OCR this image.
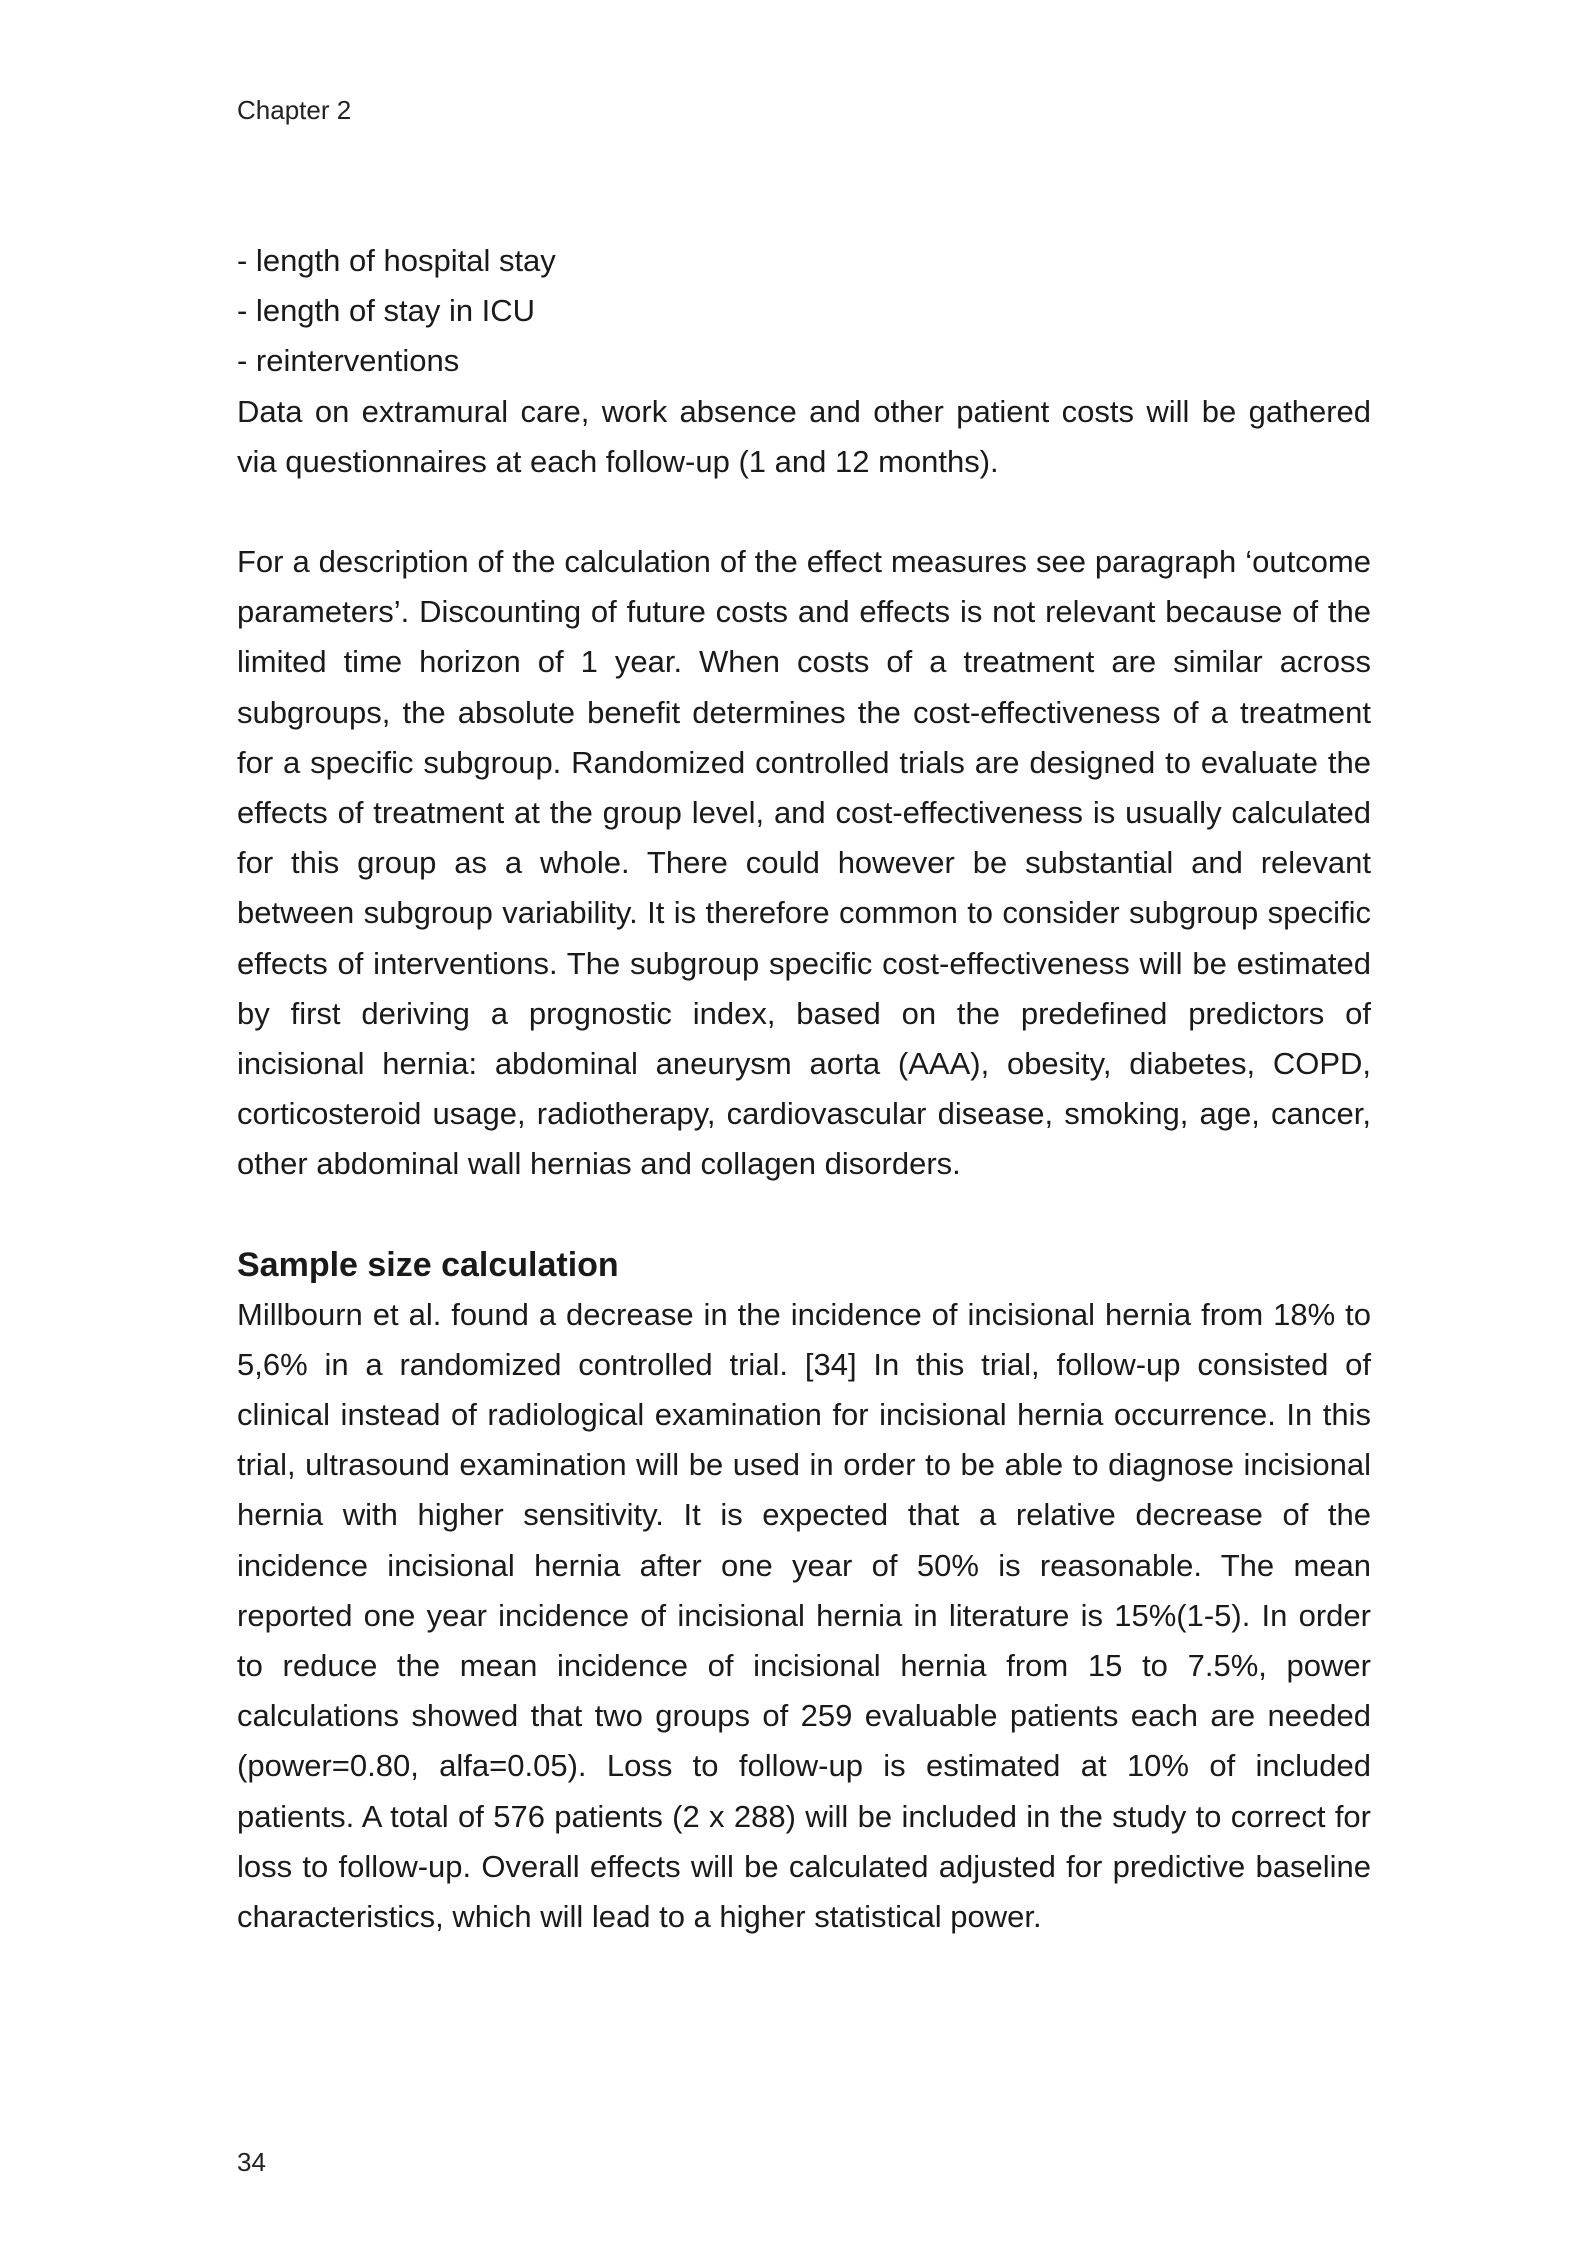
Chapter 2

- length of hospital stay

- length of stay in ICU

- reinterventions

Data on extramural care, work absence and other patient costs will be gathered via questionnaires at each follow-up (1 and 12 months).

For a description of the calculation of the effect measures see paragraph ‘outcome parameters’. Discounting of future costs and effects is not relevant because of the limited time horizon of 1 year. When costs of a treatment are similar across subgroups, the absolute benefit determines the cost-effectiveness of a treatment for a specific subgroup. Randomized controlled trials are designed to evaluate the effects of treatment at the group level, and cost-effectiveness is usually calculated for this group as a whole. There could however be substantial and relevant between subgroup variability. It is therefore common to consider subgroup specific effects of interventions. The subgroup specific cost-effectiveness will be estimated by first deriving a prognostic index, based on the predefined predictors of incisional hernia: abdominal aneurysm aorta (AAA), obesity, diabetes, COPD, corticosteroid usage, radiotherapy, cardiovascular disease, smoking, age, cancer, other abdominal wall hernias and collagen disorders.

Sample size calculation

Millbourn et al. found a decrease in the incidence of incisional hernia from 18% to 5,6% in a randomized controlled trial. [34] In this trial, follow-up consisted of clinical instead of radiological examination for incisional hernia occurrence. In this trial, ultrasound examination will be used in order to be able to diagnose incisional hernia with higher sensitivity. It is expected that a relative decrease of the incidence incisional hernia after one year of 50% is reasonable. The mean reported one year incidence of incisional hernia in literature is 15%(1-5). In order to reduce the mean incidence of incisional hernia from 15 to 7.5%, power calculations showed that two groups of 259 evaluable patients each are needed (power=0.80, alfa=0.05). Loss to follow-up is estimated at 10% of included patients. A total of 576 patients (2 x 288) will be included in the study to correct for loss to follow-up. Overall effects will be calculated adjusted for predictive baseline characteristics, which will lead to a higher statistical power.

34
